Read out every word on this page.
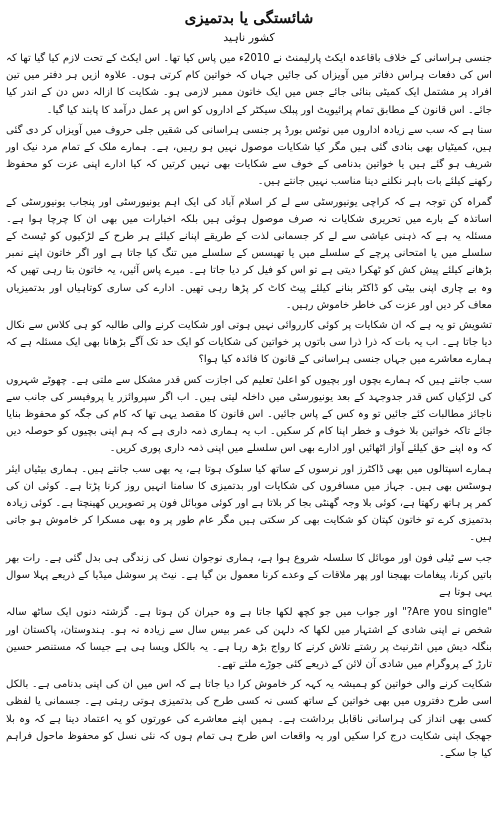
شائستگی یا بدتمیزی
کشور ناہید

جنسی ہراسانی کے خلاف باقاعدہ ایکٹ پارلیمنٹ نے 2010ء میں پاس کیا تھا۔ اس ایکٹ کے تحت لازم کیا گیا تھا کہ اس کی دفعات ہراس دفاتر میں آویزاں کی جائیں جہاں کہ خواتین کام کرتی ہوں۔ علاوہ ازیں ہر دفتر میں تین افراد پر مشتمل ایک کمیٹی بنائی جائے جس میں ایک خاتون ممبر لازمی ہو۔ شکایت کا ازالہ دس دن کے اندر کیا جائے۔ اس قانون کے مطابق تمام پرائیویٹ اور پبلک سیکٹر کے اداروں کو اس پر عمل درآمد کا پابند کیا گیا۔

سنا ہے کہ سب سے زیادہ اداروں میں نوٹس بورڈ پر جنسی ہراسانی کی شقیں جلی حروف میں آویزاں کر دی گئی ہیں، کمیٹیاں بھی بنادی گئی ہیں مگر کیا شکایات موصول نہیں ہو رہیں، ہے۔ ہمارے ملک کے تمام مرد نیک اور شریف ہو گئے ہیں یا خواتین بدنامی کے خوف سے شکایات بھی نہیں کرتیں کہ کیا ادارے اپنی عزت کو محفوظ رکھنے کیلئے بات باہر نکلنے دینا مناسب نہیں جانتے ہیں۔

گمراہ کن توجہ ہے کہ کراچی یونیورسٹی سے لے کر اسلام آباد کی ایک اہم یونیورسٹی اور پنجاب یونیورسٹی کے اساتذہ کے بارے میں تحریری شکایات نہ صرف موصول ہوئی ہیں بلکہ اخبارات میں بھی ان کا چرچا ہوا ہے۔ مسئلہ یہ ہے کہ ذہنی عیاشی سے لے کر جسمانی لذت کے طریقے اپنانے کیلئے ہر طرح کے لڑکیوں کو ٹیسٹ کے سلسلے میں یا امتحانی پرچے کے سلسلے میں یا تھیسس کے سلسلے میں تنگ کیا جاتا ہے اور اگر خاتون اپنے نمبر بڑھانے کیلئے پیش کش کو ٹھکرا دیتی ہے تو اس کو فیل کر دیا جاتا ہے۔ میرے پاس آئیں، یہ خاتون بتا رہی تھیں کہ وہ بے چاری اپنی بیٹی کو ڈاکٹر بنانے کیلئے پیٹ کاٹ کر پڑھا رہی تھیں۔ ادارے کی ساری کوتاہیاں اور بدتمیزیاں معاف کر دیں اور عزت کی خاطر خاموش رہیں۔

تشویش تو یہ ہے کہ ان شکایات پر کوئی کارروائی نہیں ہوتی اور شکایت کرنے والی طالبہ کو ہی کلاس سے نکال دیا جاتا ہے۔ اب یہ بات کہ ذرا ذرا سی باتوں پر خواتین کی شکایات کو ایک حد تک آگے بڑھانا بھی ایک مسئلہ ہے کہ ہمارے معاشرے میں جہاں جنسی ہراسانی کے قانون کا فائدہ کیا ہوا؟

سب جانتے ہیں کہ ہمارے بچوں اور بچیوں کو اعلیٰ تعلیم کی اجازت کس قدر مشکل سے ملتی ہے۔ چھوٹے شہروں کی لڑکیاں کس قدر جدوجہد کے بعد یونیورسٹی میں داخلہ لیتی ہیں۔ اب اگر سپروائزر یا پروفیسر کی جانب سے ناجائز مطالبات کئے جائیں تو وہ کس کے پاس جائیں۔ اس قانون کا مقصد یہی تھا کہ کام کی جگہ کو محفوظ بنایا جائے تاکہ خواتین بلا خوف و خطر اپنا کام کر سکیں۔ اب یہ ہماری ذمہ داری ہے کہ ہم اپنی بچیوں کو حوصلہ دیں کہ وہ اپنے حق کیلئے آواز اٹھائیں اور ادارے بھی اس سلسلے میں اپنی ذمہ داری پوری کریں۔

ہمارے اسپتالوں میں بھی ڈاکٹرز اور نرسوں کے ساتھ کیا سلوک ہوتا ہے، یہ بھی سب جانتے ہیں۔ ہماری بیٹیاں ایئر ہوسٹس بھی ہیں۔ جہاز میں مسافروں کی شکایات اور بدتمیزی کا سامنا انہیں روز کرنا پڑتا ہے۔ کوئی ان کی کمر پر ہاتھ رکھتا ہے، کوئی بلا وجہ گھنٹی بجا کر بلاتا ہے اور کوئی موبائل فون پر تصویریں کھینچتا ہے۔ کوئی زیادہ بدتمیزی کرے تو خاتون کپتان کو شکایت بھی کر سکتی ہیں مگر عام طور پر وہ بھی مسکرا کر خاموش ہو جاتی ہیں۔

جب سے ٹیلی فون اور موبائل کا سلسلہ شروع ہوا ہے، ہماری نوجوان نسل کی زندگی ہی بدل گئی ہے۔ رات بھر باتیں کرنا، پیغامات بھیجنا اور پھر ملاقات کے وعدے کرنا معمول بن گیا ہے۔ نیٹ پر سوشل میڈیا کے ذریعے پہلا سوال یہی ہوتا ہے

"Are you single?" اور جواب میں جو کچھ لکھا جاتا ہے وہ حیران کن ہوتا ہے۔ گزشتہ دنوں ایک ساٹھ سالہ شخص نے اپنی شادی کے اشتہار میں لکھا کہ دلہن کی عمر بیس سال سے زیادہ نہ ہو۔ ہندوستان، پاکستان اور بنگلہ دیش میں انٹرنیٹ پر رشتے تلاش کرنے کا رواج بڑھ رہا ہے۔ یہ بالکل ویسا ہی ہے جیسا کہ مستنصر حسین تارڑ کے پروگرام میں شادی آن لائن کے ذریعے کئی جوڑے ملتے تھے۔

شکایت کرنے والی خواتین کو ہمیشہ یہ کہہ کر خاموش کرا دیا جاتا ہے کہ اس میں ان کی اپنی بدنامی ہے۔ بالکل اسی طرح دفتروں میں بھی خواتین کے ساتھ کسی نہ کسی طرح کی بدتمیزی ہوتی رہتی ہے۔ جسمانی یا لفظی کسی بھی انداز کی ہراسانی ناقابل برداشت ہے۔ ہمیں اپنے معاشرے کی عورتوں کو یہ اعتماد دینا ہے کہ وہ بلا جھجک اپنی شکایت درج کرا سکیں اور یہ واقعات اس طرح ہی تمام ہوں کہ نئی نسل کو محفوظ ماحول فراہم کیا جا سکے۔
